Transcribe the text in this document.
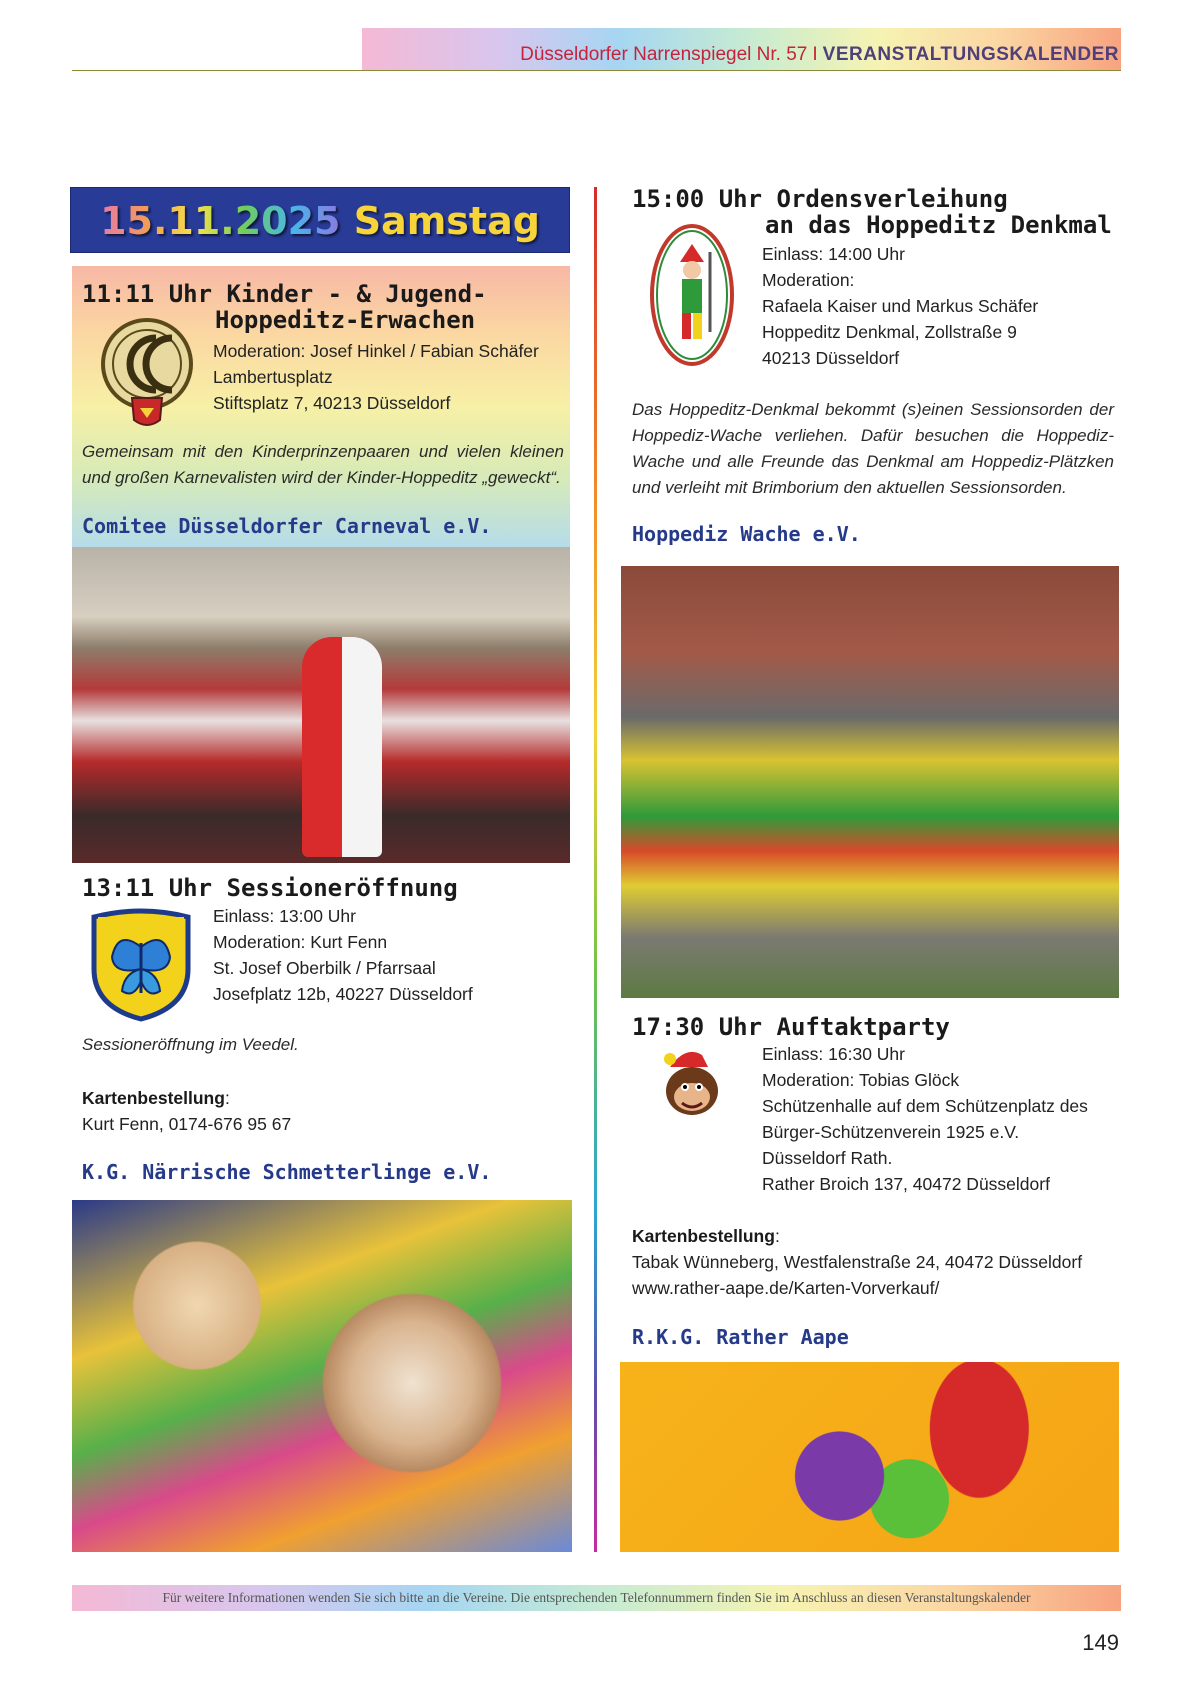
Düsseldorfer Narrenspiegel Nr. 57 I VERANSTALTUNGSKALENDER
15.11.2025 Samstag
11:11 Uhr Kinder - & Jugend-
Hoppeditz-Erwachen
Moderation: Josef Hinkel / Fabian Schäfer
Lambertusplatz
Stiftsplatz 7, 40213 Düsseldorf
Gemeinsam mit den Kinderprinzenpaaren und vielen kleinen und großen Karnevalisten wird der Kinder-Hoppeditz „geweckt“.
Comitee Düsseldorfer Carneval e.V.
13:11 Uhr Sessioneröffnung
Einlass: 13:00 Uhr
Moderation: Kurt Fenn
St. Josef Oberbilk / Pfarrsaal
Josefplatz 12b, 40227 Düsseldorf
Sessioneröffnung im Veedel.
Kartenbestellung:
Kurt Fenn, 0174-676 95 67
K.G. Närrische Schmetterlinge e.V.
15:00 Uhr Ordensverleihung
an das Hoppeditz Denkmal
Einlass: 14:00 Uhr
Moderation:
Rafaela Kaiser und Markus Schäfer
Hoppeditz Denkmal, Zollstraße 9
40213 Düsseldorf
Das Hoppeditz-Denkmal bekommt (s)einen Sessionsorden der Hoppediz-Wache verliehen. Dafür besuchen die Hoppediz-Wache und alle Freunde das Denkmal am Hoppediz-Plätzken und verleiht mit Brimborium den aktuellen Sessionsorden.
Hoppediz Wache e.V.
17:30 Uhr Auftaktparty
Einlass: 16:30 Uhr
Moderation: Tobias Glöck
Schützenhalle auf dem Schützenplatz des
Bürger-Schützenverein 1925 e.V.
Düsseldorf Rath.
Rather Broich 137, 40472 Düsseldorf
Kartenbestellung:
Tabak Wünneberg, Westfalenstraße 24, 40472 Düsseldorf
www.rather-aape.de/Karten-Vorverkauf/
R.K.G. Rather Aape
Für weitere Informationen wenden Sie sich bitte an die Vereine. Die entsprechenden Telefonnummern finden Sie im Anschluss an diesen Veranstaltungskalender
149
